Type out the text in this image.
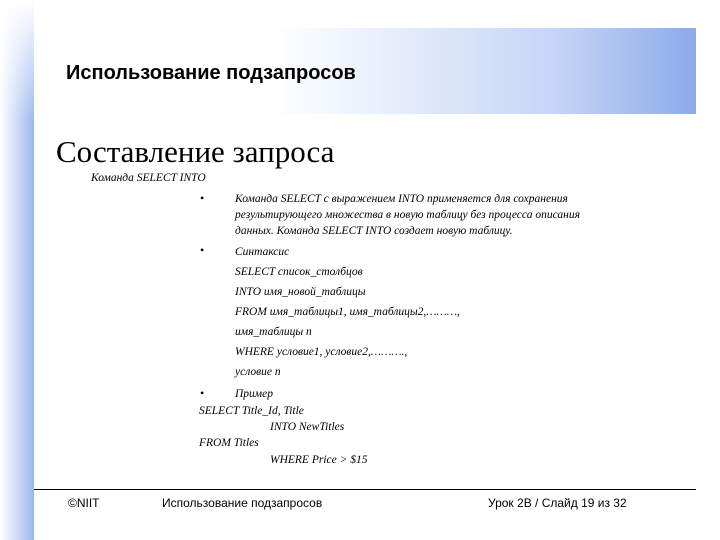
Использование подзапросов
Составление запроса
Команда SELECT INTO
•	Команда SELECT с выражением INTO применяется для сохранения
результирующего множества в новую таблицу без процесса описания
данных. Команда SELECT INTO создает новую таблицу.
•	Синтаксис
SELECT список_столбцов
INTO имя_новой_таблицы
FROM имя_таблицы1, имя_таблицы2,………,
имя_таблицы n
WHERE условие1, условие2,……….,
условие n
•	Пример
SELECT Title_Id, Title
INTO NewTitles
FROM Titles
WHERE Price > $15
©NIIT	Использование подзапросов	Урок 2B / Слайд 19 из 32
